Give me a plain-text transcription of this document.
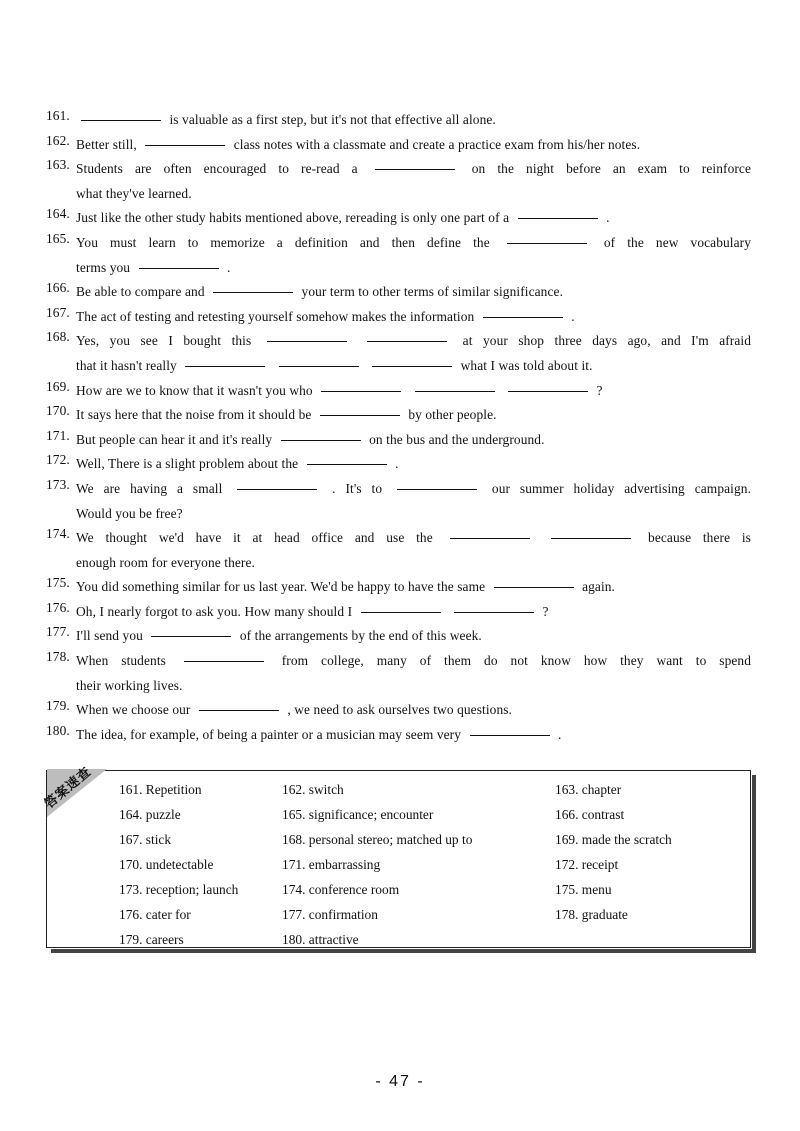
161.	is valuable as a first step, but it's not that effective all alone.
162. Better still,	class notes with a classmate and create a practice exam from his/her notes.
163. Students are often encouraged to re-read a	on the night before an exam to reinforce
what they've learned.
164. Just like the other study habits mentioned above, rereading is only one part of a	.
165. You must learn to memorize a definition and then define the	of the new vocabulary
terms you	.
166. Be able to compare and	your term to other terms of similar significance.
167. The act of testing and retesting yourself somehow makes the information	.
168. Yes, you see I bought this	at your shop three days ago, and I'm afraid
that it hasn't really	what I was told about it.
169. How are we to know that it wasn't you who	?
170. It says here that the noise from it should be	by other people.
171. But people can hear it and it's really	on the bus and the underground.
172. Well, There is a slight problem about the	.
173. We are having a small	. It's to	our summer holiday advertising campaign.
Would you be free?
174. We thought we'd have it at head office and use the	because there is
enough room for everyone there.
175. You did something similar for us last year. We'd be happy to have the same	again.
176. Oh, I nearly forgot to ask you. How many should I	?
177. I'll send you	of the arrangements by the end of this week.
178. When students	from college, many of them do not know how they want to spend
their working lives.
179. When we choose our	, we need to ask ourselves two questions.
180. The idea, for example, of being a painter or a musician may seem very	.
答案速查 161. Repetition	162. switch	163. chapter
164. puzzle	165. significance; encounter	166. contrast
167. stick	168. personal stereo; matched up to	169. made the scratch
170. undetectable	171. embarrassing	172. receipt
173. reception; launch	174. conference room	175. menu
176. cater for	177. confirmation	178. graduate
179. careers	180. attractive
- 47 -
